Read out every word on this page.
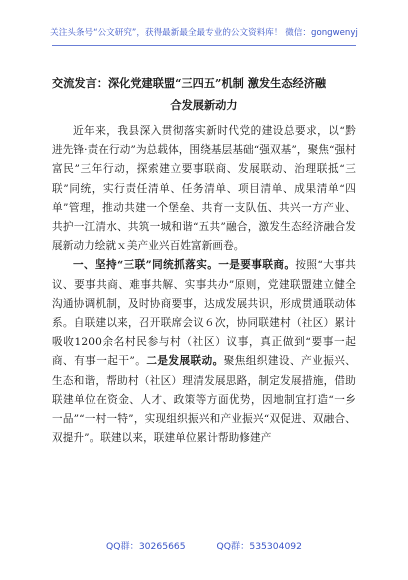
关注头条号“公文研究”，获得最新最全最专业的公文资料库！ 微信：gongwenyj
交流发言：深化党建联盟“三四五”机制 激发生态经济融
合发展新动力

近年来，我县深入贯彻落实新时代党的建设总要求，以“黔进先锋·责在行动”为总载体，围绕基层基础“强双基”，聚焦“强村富民”三年行动，探索建立要事联商、发展联动、治理联抵“三联”同统，实行责任清单、任务清单、项目清单、成果清单“四单”管理，推动共建一个堡垒、共育一支队伍、共兴一方产业、共护一江清水、共筑一城和谐“五共”融合，激发生态经济融合发展新动力绘就ｘ美产业兴百姓富新画卷。

一、坚持“三联”同统抓落实。一是要事联商。按照“大事共议、要事共商、难事共解、实事共办”原则，党建联盟建立健全沟通协调机制，及时协商要事，达成发展共识，形成贯通联动体系。自联建以来，召开联席会议６次，协同联建村（社区）累计吸收1200余名村民参与村（社区）议事，真正做到“要事一起商、有事一起干”。二是发展联动。聚焦组织建设、产业振兴、生态和谐，帮助村（社区）理清发展思路，制定发展措施，借助联建单位在资金、人才、政策等方面优势，因地制宜打造“一乡一品”“一村一特”，实现组织振兴和产业振兴“双促进、双融合、双提升”。联建以来，联建单位累计帮助修建产

QQ群：30265665	QQ群：535304092
